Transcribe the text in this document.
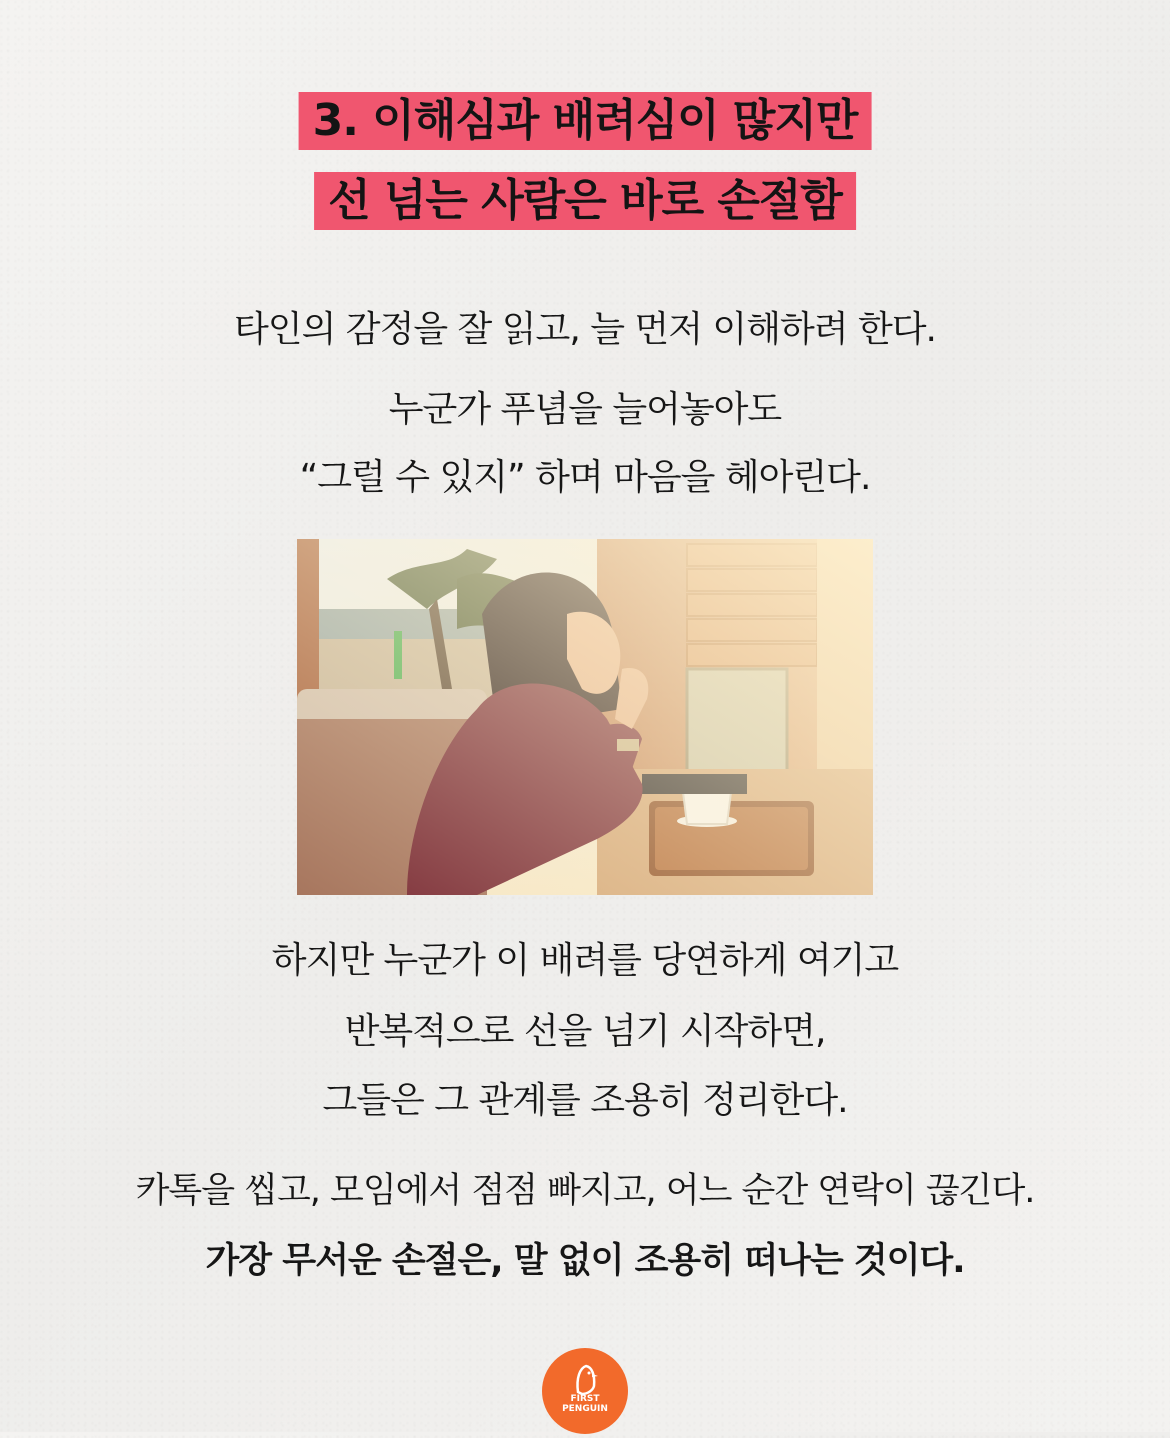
3. 이해심과 배려심이 많지만
선 넘는 사람은 바로 손절함
타인의 감정을 잘 읽고, 늘 먼저 이해하려 한다.
누군가 푸념을 늘어놓아도
“그럴 수 있지” 하며 마음을 헤아린다.
하지만 누군가 이 배려를 당연하게 여기고
반복적으로 선을 넘기 시작하면,
그들은 그 관계를 조용히 정리한다.
카톡을 씹고, 모임에서 점점 빠지고, 어느 순간 연락이 끊긴다.
가장 무서운 손절은, 말 없이 조용히 떠나는 것이다.
FIRST
PENGUIN
